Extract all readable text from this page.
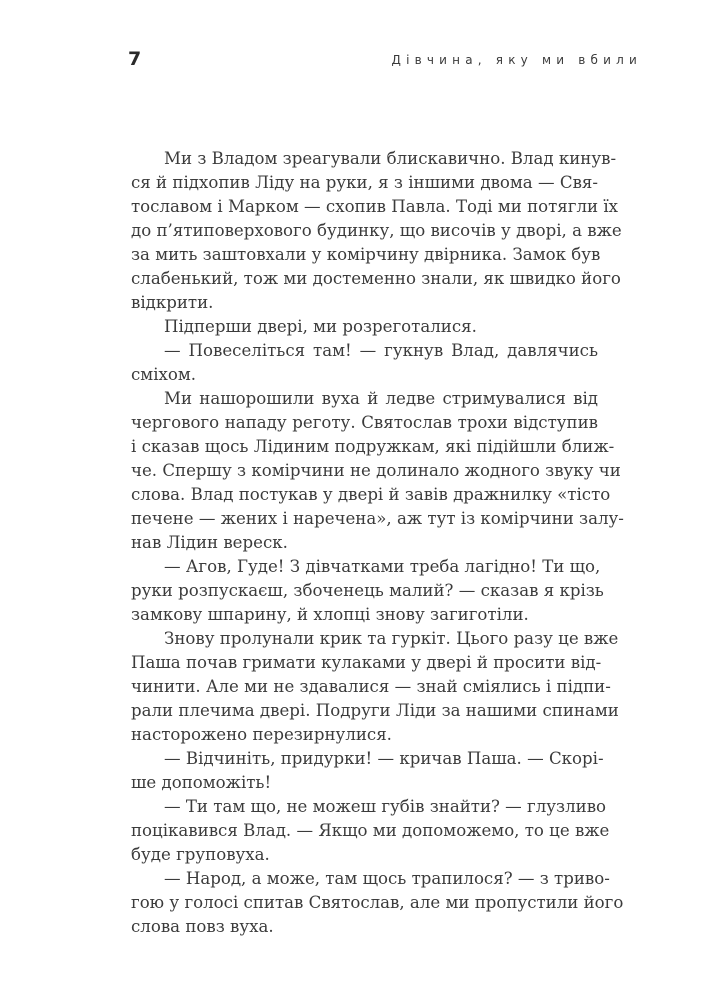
7	Дівчина, яку ми вбили
Ми з Владом зреагували блискавично. Влад кинув-
ся й підхопив Ліду на руки, я з іншими двома — Свя-
тославом і Марком — схопив Павла. Тоді ми потягли їх
до п’ятиповерхового будинку, що височів у дворі, а вже
за мить заштовхали у комірчину двірника. Замок був
слабенький, тож ми достеменно знали, як швидко його
відкрити.
Підперши двері, ми розреготалися.
— Повеселіться там! — гукнув Влад, давлячись
сміхом.
Ми нашорошили вуха й ледве стримувалися від
чергового нападу реготу. Святослав трохи відступив
і сказав щось Лідиним подружкам, які підійшли ближ-
че. Спершу з комірчини не долинало жодного звуку чи
слова. Влад постукав у двері й завів дражнилку «тісто
печене — жених і наречена», аж тут із комірчини залу-
нав Лідин вереск.
— Агов, Гуде! З дівчатками треба лагідно! Ти що,
руки розпускаєш, збоченець малий? — сказав я крізь
замкову шпарину, й хлопці знову загиготіли.
Знову пролунали крик та гуркіт. Цього разу це вже
Паша почав гримати кулаками у двері й просити від-
чинити. Але ми не здавалися — знай сміялись і підпи-
рали плечима двері. Подруги Ліди за нашими спинами
насторожено перезирнулися.
— Відчиніть, придурки! — кричав Паша. — Скорі-
ше допоможіть!
— Ти там що, не можеш губів знайти? — глузливо
поцікавився Влад. — Якщо ми допоможемо, то це вже
буде груповуха.
— Народ, а може, там щось трапилося? — з триво-
гою у голосі спитав Святослав, але ми пропустили його
слова повз вуха.
